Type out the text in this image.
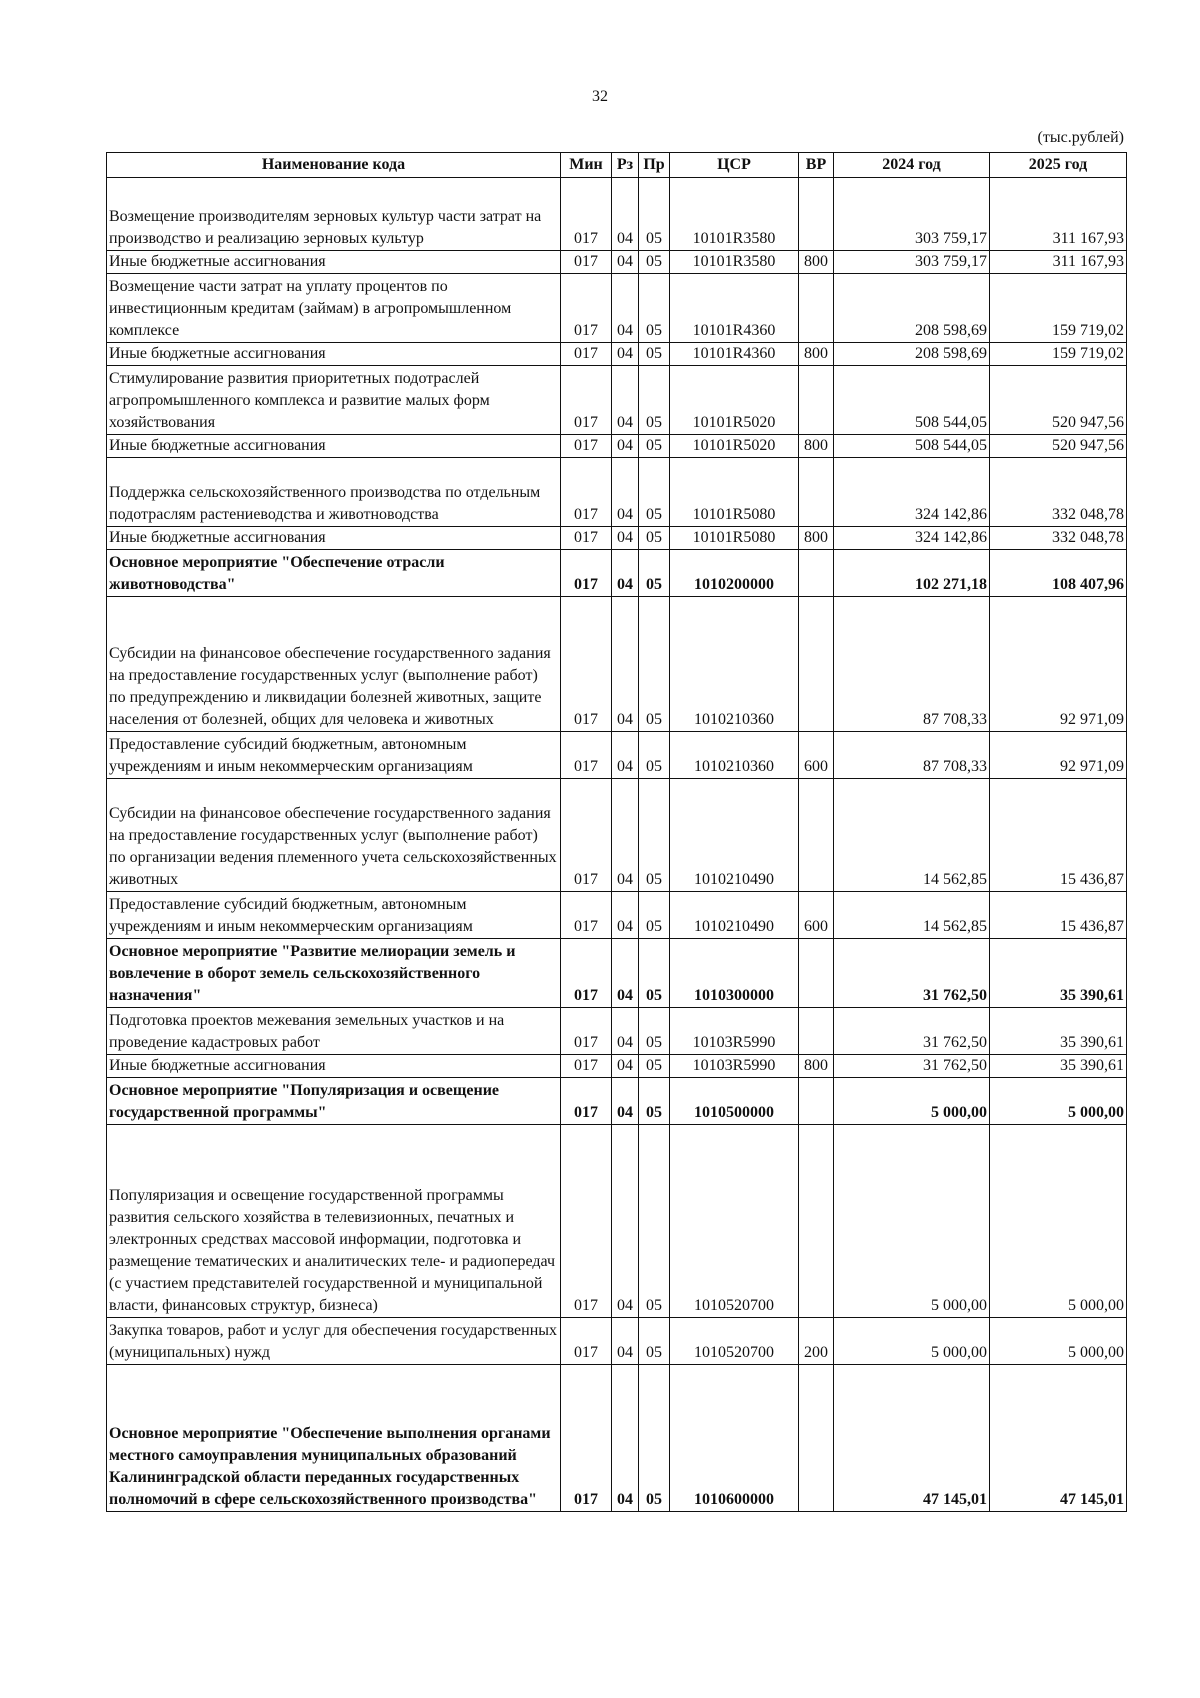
32
(тыс.рублей)
Наименование кода	Мин	Рз	Пр	ЦСР	ВР	2024 год	2025 год
Возмещение производителям зерновых культур части затрат на производство и реализацию зерновых культур	017	04	05	10101R3580		303 759,17	311 167,93
Иные бюджетные ассигнования	017	04	05	10101R3580	800	303 759,17	311 167,93
Возмещение части затрат на уплату процентов по инвестиционным кредитам (займам) в агропромышленном комплексе	017	04	05	10101R4360		208 598,69	159 719,02
Иные бюджетные ассигнования	017	04	05	10101R4360	800	208 598,69	159 719,02
Стимулирование развития приоритетных подотраслей агропромышленного комплекса и развитие малых форм хозяйствования	017	04	05	10101R5020		508 544,05	520 947,56
Иные бюджетные ассигнования	017	04	05	10101R5020	800	508 544,05	520 947,56
Поддержка сельскохозяйственного производства по отдельным подотраслям растениеводства и животноводства	017	04	05	10101R5080		324 142,86	332 048,78
Иные бюджетные ассигнования	017	04	05	10101R5080	800	324 142,86	332 048,78
Основное мероприятие "Обеспечение отрасли животноводства"	017	04	05	1010200000		102 271,18	108 407,96
Субсидии на финансовое обеспечение государственного задания на предоставление государственных услуг (выполнение работ) по предупреждению и ликвидации болезней животных, защите населения от болезней, общих для человека и животных	017	04	05	1010210360		87 708,33	92 971,09
Предоставление субсидий бюджетным, автономным учреждениям и иным некоммерческим организациям	017	04	05	1010210360	600	87 708,33	92 971,09
Субсидии на финансовое обеспечение государственного задания на предоставление государственных услуг (выполнение работ) по организации ведения племенного учета сельскохозяйственных животных	017	04	05	1010210490		14 562,85	15 436,87
Предоставление субсидий бюджетным, автономным учреждениям и иным некоммерческим организациям	017	04	05	1010210490	600	14 562,85	15 436,87
Основное мероприятие "Развитие мелиорации земель и вовлечение в оборот земель сельскохозяйственного назначения"	017	04	05	1010300000		31 762,50	35 390,61
Подготовка проектов межевания земельных участков и на проведение кадастровых работ	017	04	05	10103R5990		31 762,50	35 390,61
Иные бюджетные ассигнования	017	04	05	10103R5990	800	31 762,50	35 390,61
Основное мероприятие "Популяризация и освещение государственной программы"	017	04	05	1010500000		5 000,00	5 000,00
Популяризация и освещение государственной программы развития сельского хозяйства в телевизионных, печатных и электронных средствах массовой информации, подготовка и размещение тематических и аналитических теле- и радиопередач (с участием представителей государственной и муниципальной власти, финансовых структур, бизнеса)	017	04	05	1010520700		5 000,00	5 000,00
Закупка товаров, работ и услуг для обеспечения государственных (муниципальных) нужд	017	04	05	1010520700	200	5 000,00	5 000,00
Основное мероприятие "Обеспечение выполнения органами местного самоуправления муниципальных образований Калининградской области переданных государственных полномочий в сфере сельскохозяйственного производства"	017	04	05	1010600000		47 145,01	47 145,01
